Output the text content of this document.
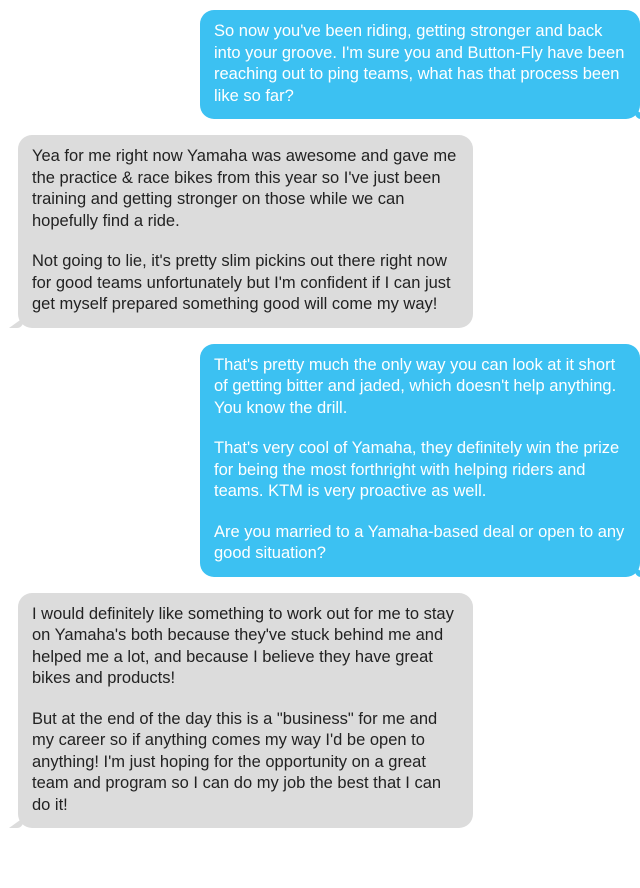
So now you've been riding, getting stronger and back into your groove. I'm sure you and Button-Fly have been reaching out to ping teams, what has that process been like so far?

Yea for me right now Yamaha was awesome and gave me the practice & race bikes from this year so I've just been training and getting stronger on those while we can hopefully find a ride.

Not going to lie, it's pretty slim pickins out there right now for good teams unfortunately but I'm confident if I can just get myself prepared something good will come my way!

That's pretty much the only way you can look at it short of getting bitter and jaded, which doesn't help anything. You know the drill.

That's very cool of Yamaha, they definitely win the prize for being the most forthright with helping riders and teams. KTM is very proactive as well.

Are you married to a Yamaha-based deal or open to any good situation?

I would definitely like something to work out for me to stay on Yamaha's both because they've stuck behind me and helped me a lot, and because I believe they have great bikes and products!

But at the end of the day this is a "business" for me and my career so if anything comes my way I'd be open to anything! I'm just hoping for the opportunity on a great team and program so I can do my job the best that I can do it!
